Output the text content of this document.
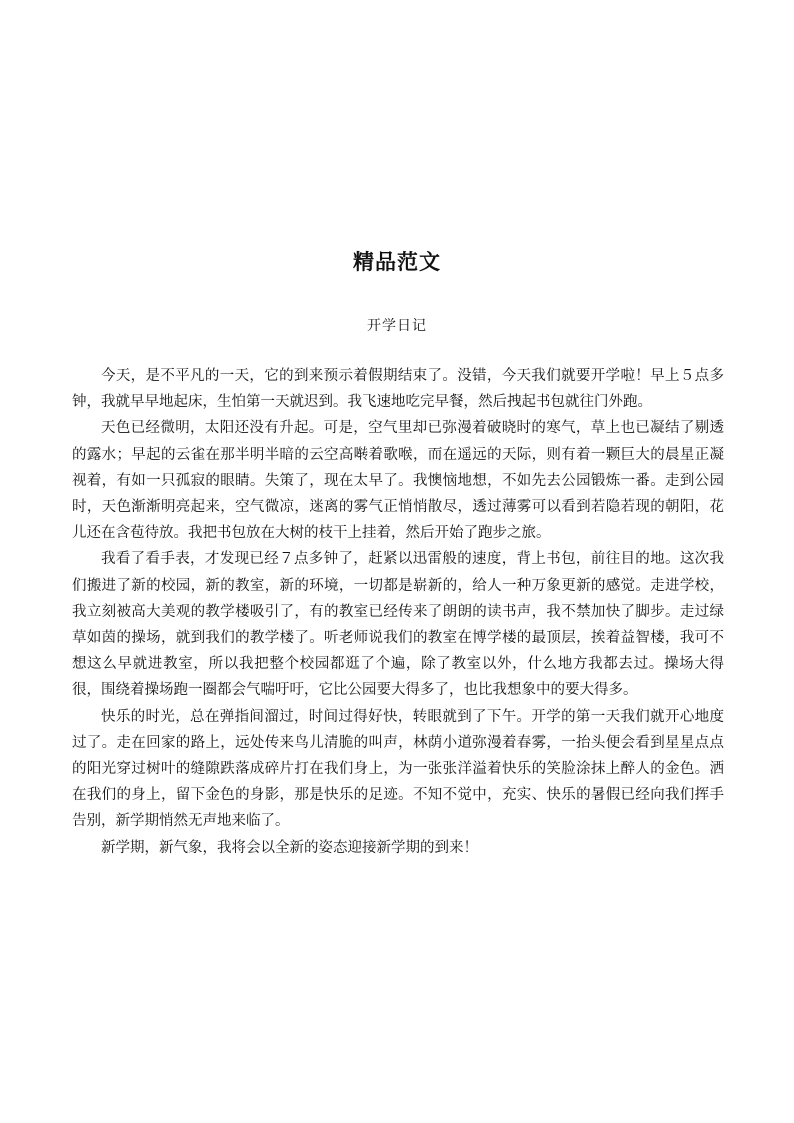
精品范文
开学日记

今天，是不平凡的一天，它的到来预示着假期结束了。没错，今天我们就要开学啦！早上５点多钟，我就早早地起床，生怕第一天就迟到。我飞速地吃完早餐，然后拽起书包就往门外跑。

天色已经微明，太阳还没有升起。可是，空气里却已弥漫着破晓时的寒气，草上也已凝结了剔透的露水；早起的云雀在那半明半暗的云空高啭着歌喉，而在遥远的天际，则有着一颗巨大的晨星正凝视着，有如一只孤寂的眼睛。失策了，现在太早了。我懊恼地想，不如先去公园锻炼一番。走到公园时，天色渐渐明亮起来，空气微凉，迷离的雾气正悄悄散尽，透过薄雾可以看到若隐若现的朝阳，花儿还在含苞待放。我把书包放在大树的枝干上挂着，然后开始了跑步之旅。

我看了看手表，才发现已经７点多钟了，赶紧以迅雷般的速度，背上书包，前往目的地。这次我们搬进了新的校园，新的教室，新的环境，一切都是崭新的，给人一种万象更新的感觉。走进学校，我立刻被高大美观的教学楼吸引了，有的教室已经传来了朗朗的读书声，我不禁加快了脚步。走过绿草如茵的操场，就到我们的教学楼了。听老师说我们的教室在博学楼的最顶层，挨着益智楼，我可不想这么早就进教室，所以我把整个校园都逛了个遍，除了教室以外，什么地方我都去过。操场大得很，围绕着操场跑一圈都会气喘吁吁，它比公园要大得多了，也比我想象中的要大得多。

快乐的时光，总在弹指间溜过，时间过得好快，转眼就到了下午。开学的第一天我们就开心地度过了。走在回家的路上，远处传来鸟儿清脆的叫声，林荫小道弥漫着春雾，一抬头便会看到星星点点的阳光穿过树叶的缝隙跌落成碎片打在我们身上，为一张张洋溢着快乐的笑脸涂抹上醉人的金色。洒在我们的身上，留下金色的身影，那是快乐的足迹。不知不觉中，充实、快乐的暑假已经向我们挥手告别，新学期悄然无声地来临了。

新学期，新气象，我将会以全新的姿态迎接新学期的到来！
